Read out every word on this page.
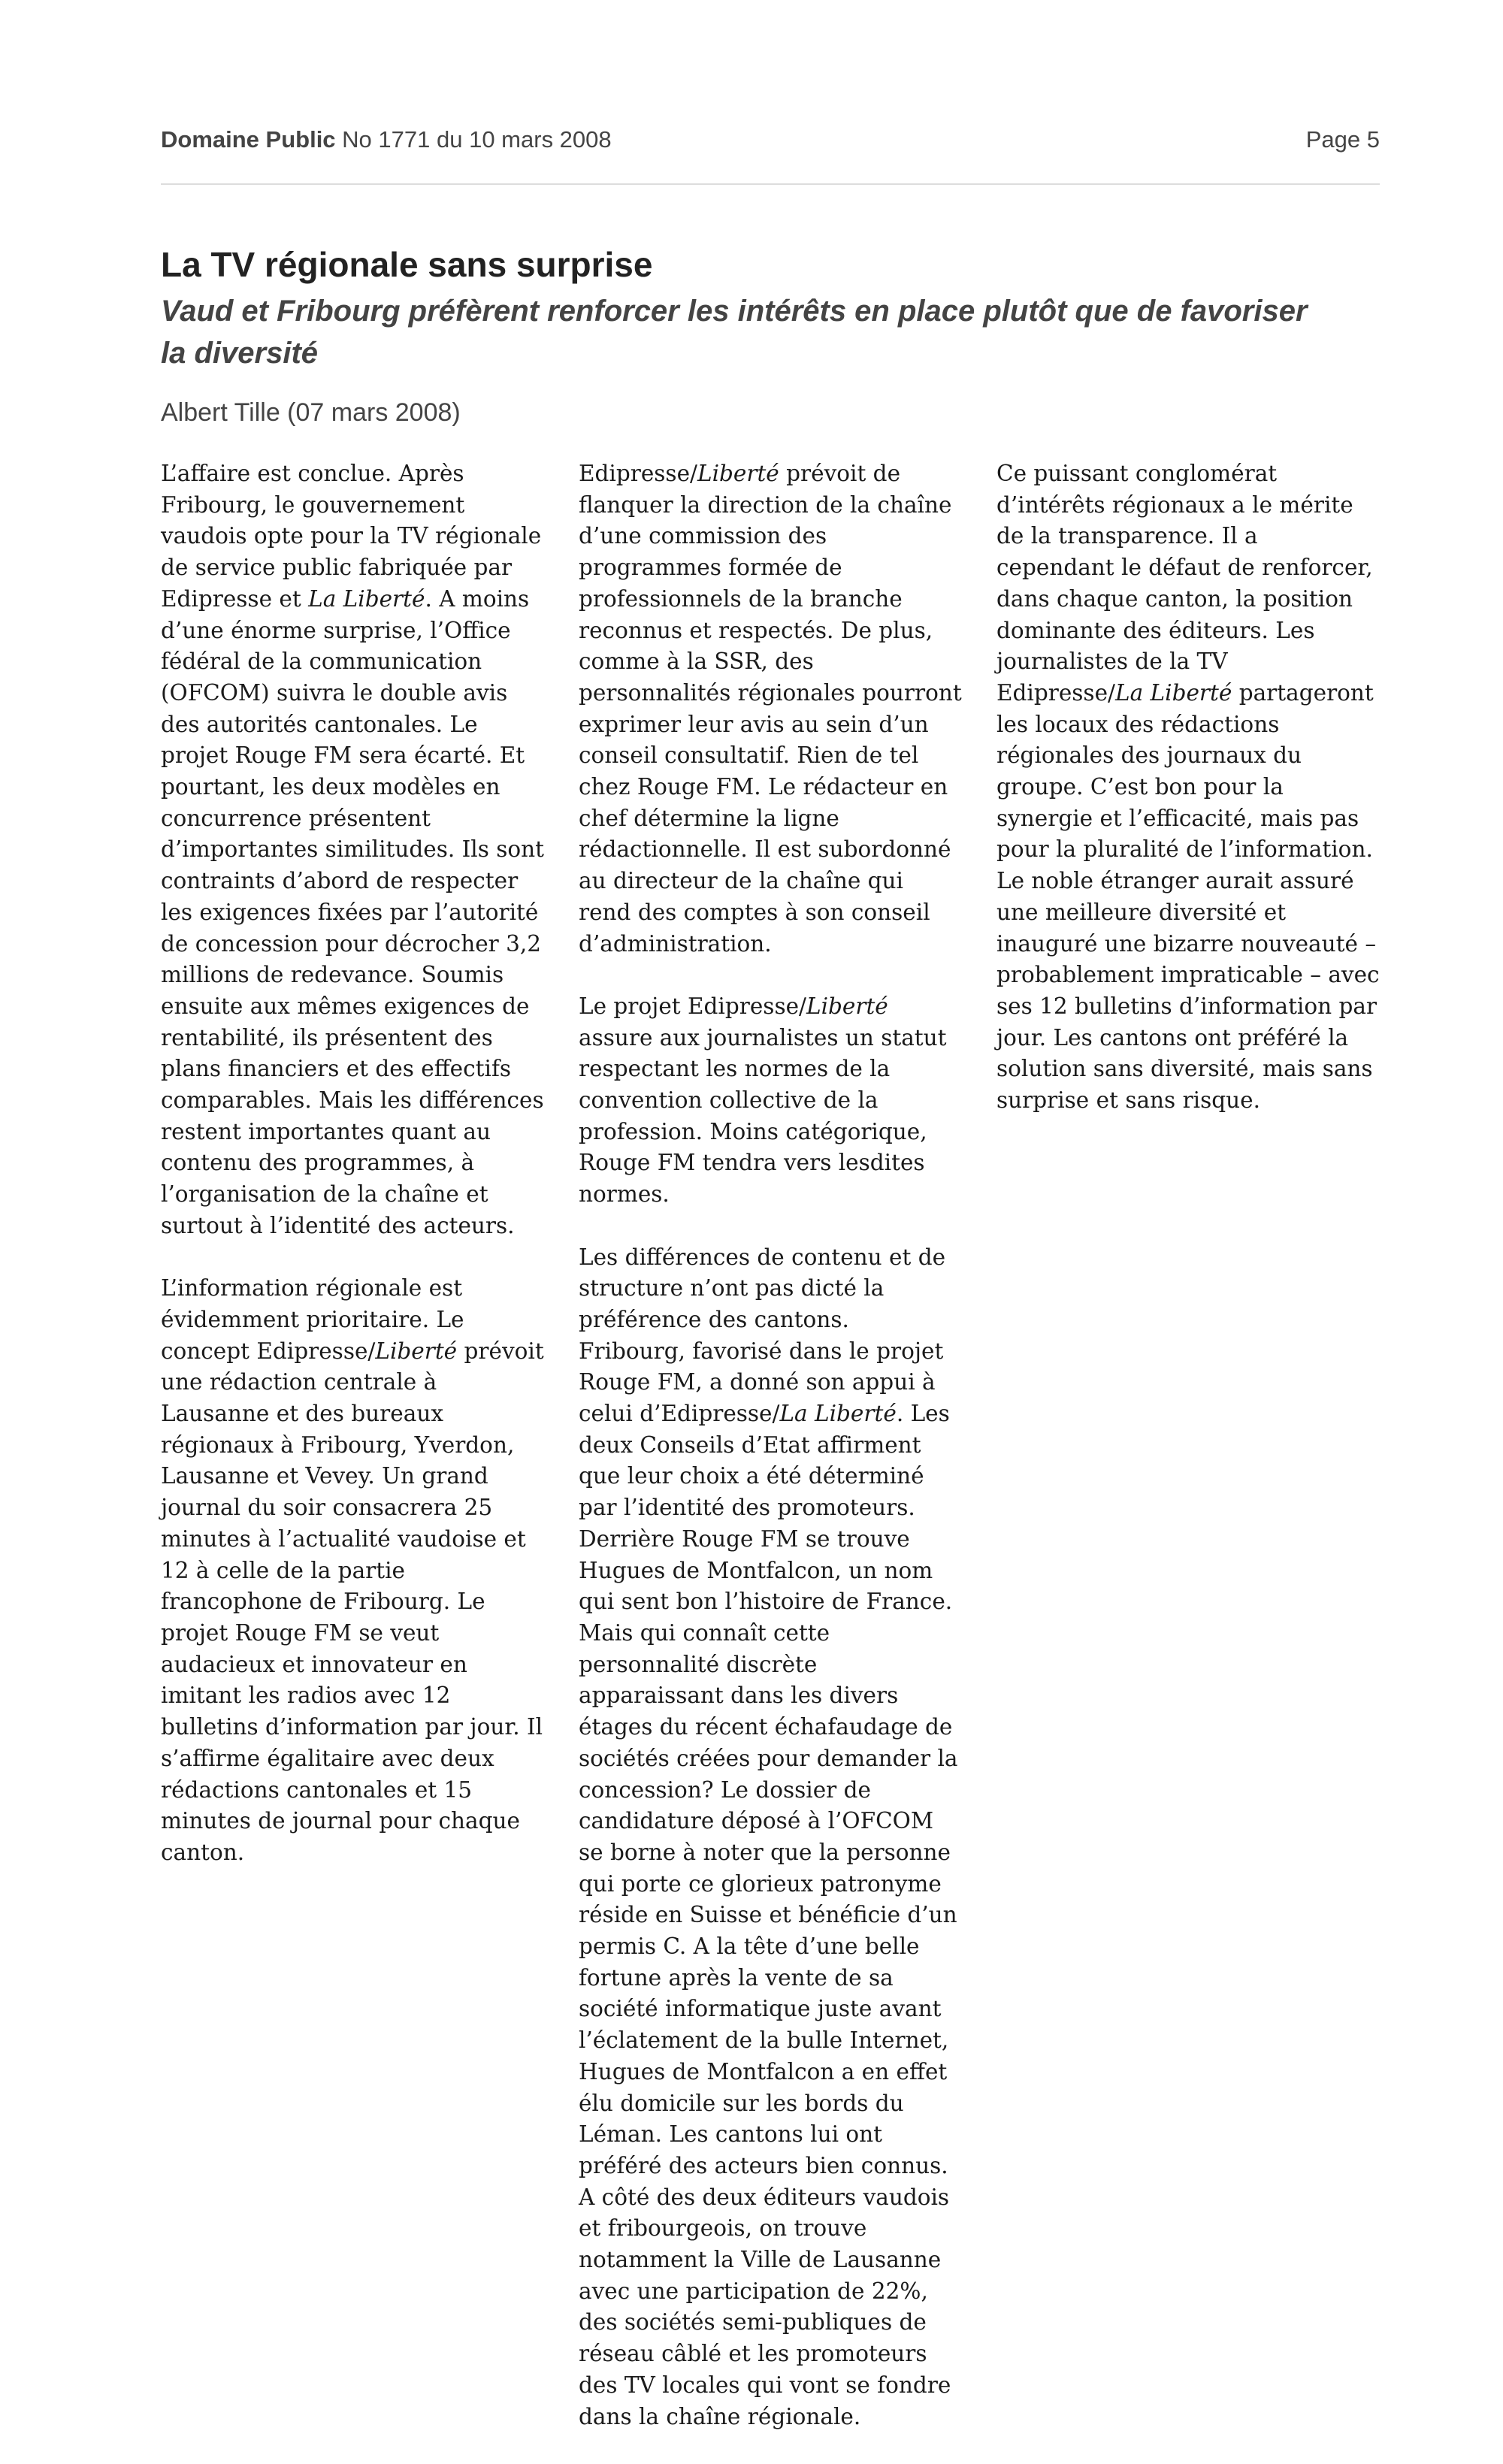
Domaine Public No 1771 du 10 mars 2008	Page 5
La TV régionale sans surprise
Vaud et Fribourg préfèrent renforcer les intérêts en place plutôt que de favoriser la diversité
Albert Tille (07 mars 2008)

L’affaire est conclue. Après Fribourg, le gouvernement vaudois opte pour la TV régionale de service public fabriquée par Edipresse et La Liberté. A moins d’une énorme surprise, l’Office fédéral de la communication (OFCOM) suivra le double avis des autorités cantonales. Le projet Rouge FM sera écarté. Et pourtant, les deux modèles en concurrence présentent d’importantes similitudes. Ils sont contraints d’abord de respecter les exigences fixées par l’autorité de concession pour décrocher 3,2 millions de redevance. Soumis ensuite aux mêmes exigences de rentabilité, ils présentent des plans financiers et des effectifs comparables. Mais les différences restent importantes quant au contenu des programmes, à l’organisation de la chaîne et surtout à l’identité des acteurs.

L’information régionale est évidemment prioritaire. Le concept Edipresse/Liberté prévoit une rédaction centrale à Lausanne et des bureaux régionaux à Fribourg, Yverdon, Lausanne et Vevey. Un grand journal du soir consacrera 25 minutes à l’actualité vaudoise et 12 à celle de la partie francophone de Fribourg. Le projet Rouge FM se veut audacieux et innovateur en imitant les radios avec 12 bulletins d’information par jour. Il s’affirme égalitaire avec deux rédactions cantonales et 15 minutes de journal pour chaque canton.

Edipresse/Liberté prévoit de flanquer la direction de la chaîne d’une commission des programmes formée de professionnels de la branche reconnus et respectés. De plus, comme à la SSR, des personnalités régionales pourront exprimer leur avis au sein d’un conseil consultatif. Rien de tel chez Rouge FM. Le rédacteur en chef détermine la ligne rédactionnelle. Il est subordonné au directeur de la chaîne qui rend des comptes à son conseil d’administration.

Le projet Edipresse/Liberté assure aux journalistes un statut respectant les normes de la convention collective de la profession. Moins catégorique, Rouge FM tendra vers lesdites normes.

Les différences de contenu et de structure n’ont pas dicté la préférence des cantons. Fribourg, favorisé dans le projet Rouge FM, a donné son appui à celui d’Edipresse/La Liberté. Les deux Conseils d’Etat affirment que leur choix a été déterminé par l’identité des promoteurs. Derrière Rouge FM se trouve Hugues de Montfalcon, un nom qui sent bon l’histoire de France. Mais qui connaît cette personnalité discrète apparaissant dans les divers étages du récent échafaudage de sociétés créées pour demander la concession? Le dossier de candidature déposé à l’OFCOM se borne à noter que la personne qui porte ce glorieux patronyme réside en Suisse et bénéficie d’un permis C. A la tête d’une belle fortune après la vente de sa société informatique juste avant l’éclatement de la bulle Internet, Hugues de Montfalcon a en effet élu domicile sur les bords du Léman. Les cantons lui ont préféré des acteurs bien connus. A côté des deux éditeurs vaudois et fribourgeois, on trouve notamment la Ville de Lausanne avec une participation de 22%, des sociétés semi-publiques de réseau câblé et les promoteurs des TV locales qui vont se fondre dans la chaîne régionale.

Ce puissant conglomérat d’intérêts régionaux a le mérite de la transparence. Il a cependant le défaut de renforcer, dans chaque canton, la position dominante des éditeurs. Les journalistes de la TV Edipresse/La Liberté partageront les locaux des rédactions régionales des journaux du groupe. C’est bon pour la synergie et l’efficacité, mais pas pour la pluralité de l’information. Le noble étranger aurait assuré une meilleure diversité et inauguré une bizarre nouveauté – probablement impraticable – avec ses 12 bulletins d’information par jour. Les cantons ont préféré la solution sans diversité, mais sans surprise et sans risque.
